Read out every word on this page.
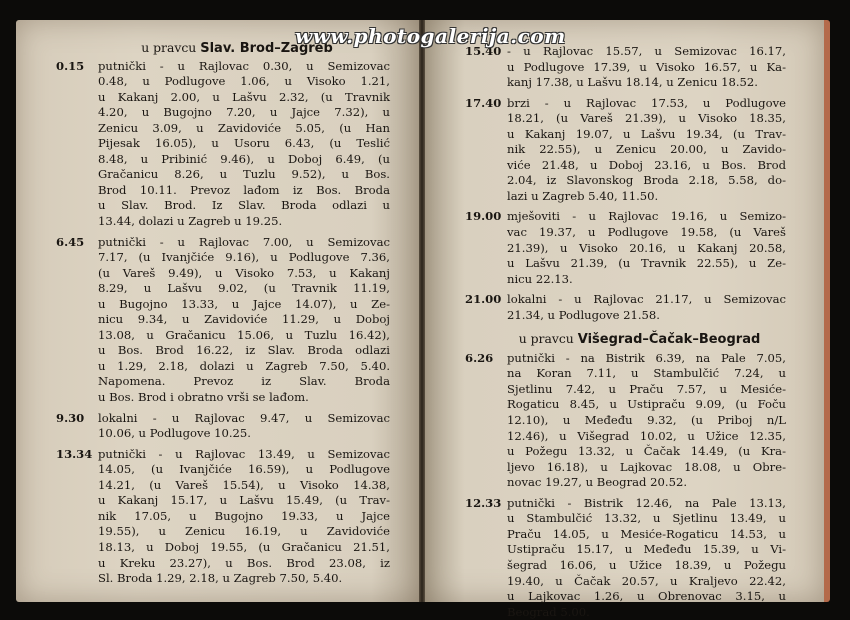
u pravcu Slav. Brod–Zagreb
0.15 putnički - u Rajlovac 0.30, u Semizovac
0.48, u Podlugove 1.06, u Visoko 1.21,
u Kakanj 2.00, u Lašvu 2.32, (u Travnik
4.20, u Bugojno 7.20, u Jajce 7.32), u
Zenicu 3.09, u Zavidoviće 5.05, (u Han
Pijesak 16.05), u Usoru 6.43, (u Teslić
8.48, u Pribinić 9.46), u Doboj 6.49, (u
Gračanicu 8.26, u Tuzlu 9.52), u Bos.
Brod 10.11. Prevoz lađom iz Bos. Broda
u Slav. Brod. Iz Slav. Broda odlazi u
13.44, dolazi u Zagreb u 19.25.
6.45 putnički - u Rajlovac 7.00, u Semizovac
7.17, (u Ivanjčiće 9.16), u Podlugove 7.36,
(u Vareš 9.49), u Visoko 7.53, u Kakanj
8.29, u Lašvu 9.02, (u Travnik 11.19,
u Bugojno 13.33, u Jajce 14.07), u Ze-
nicu 9.34, u Zavidoviće 11.29, u Doboj
13.08, u Gračanicu 15.06, u Tuzlu 16.42),
u Bos. Brod 16.22, iz Slav. Broda odlazi
u 1.29, 2.18, dolazi u Zagreb 7.50, 5.40.
Napomena. Prevoz iz Slav. Broda
u Bos. Brod i obratno vrši se lađom.
9.30 lokalni - u Rajlovac 9.47, u Semizovac
10.06, u Podlugove 10.25.
13.34 putnički - u Rajlovac 13.49, u Semizovac
14.05, (u Ivanjčiće 16.59), u Podlugove
14.21, (u Vareš 15.54), u Visoko 14.38,
u Kakanj 15.17, u Lašvu 15.49, (u Trav-
nik 17.05, u Bugojno 19.33, u Jajce
19.55), u Zenicu 16.19, u Zavidoviće
18.13, u Doboj 19.55, (u Gračanicu 21.51,
u Kreku 23.27), u Bos. Brod 23.08, iz
Sl. Broda 1.29, 2.18, u Zagreb 7.50, 5.40.
15.40 - u Rajlovac 15.57, u Semizovac 16.17,
u Podlugove 17.39, u Visoko 16.57, u Ka-
kanj 17.38, u Lašvu 18.14, u Zenicu 18.52.
17.40 brzi - u Rajlovac 17.53, u Podlugove
18.21, (u Vareš 21.39), u Visoko 18.35,
u Kakanj 19.07, u Lašvu 19.34, (u Trav-
nik 22.55), u Zenicu 20.00, u Zavido-
viće 21.48, u Doboj 23.16, u Bos. Brod
2.04, iz Slavonskog Broda 2.18, 5.58, do-
lazi u Zagreb 5.40, 11.50.
19.00 mješoviti - u Rajlovac 19.16, u Semizo-
vac 19.37, u Podlugove 19.58, (u Vareš
21.39), u Visoko 20.16, u Kakanj 20.58,
u Lašvu 21.39, (u Travnik 22.55), u Ze-
nicu 22.13.
21.00 lokalni - u Rajlovac 21.17, u Semizovac
21.34, u Podlugove 21.58.
u pravcu Višegrad–Čačak–Beograd
6.26 putnički - na Bistrik 6.39, na Pale 7.05,
na Koran 7.11, u Stambulčić 7.24, u
Sjetlinu 7.42, u Praču 7.57, u Mesiće-
Rogaticu 8.45, u Ustipraču 9.09, (u Foču
12.10), u Međeđu 9.32, (u Priboj n/L
12.46), u Višegrad 10.02, u Užice 12.35,
u Požegu 13.32, u Čačak 14.49, (u Kra-
ljevo 16.18), u Lajkovac 18.08, u Obre-
novac 19.27, u Beograd 20.52.
12.33 putnički - Bistrik 12.46, na Pale 13.13,
u Stambulčić 13.32, u Sjetlinu 13.49, u
Praču 14.05, u Mesiće-Rogaticu 14.53, u
Ustipraču 15.17, u Međeđu 15.39, u Vi-
šegrad 16.06, u Užice 18.39, u Požegu
19.40, u Čačak 20.57, u Kraljevo 22.42,
u Lajkovac 1.26, u Obrenovac 3.15, u
Beograd 5.00.
www.photogalerija.com
